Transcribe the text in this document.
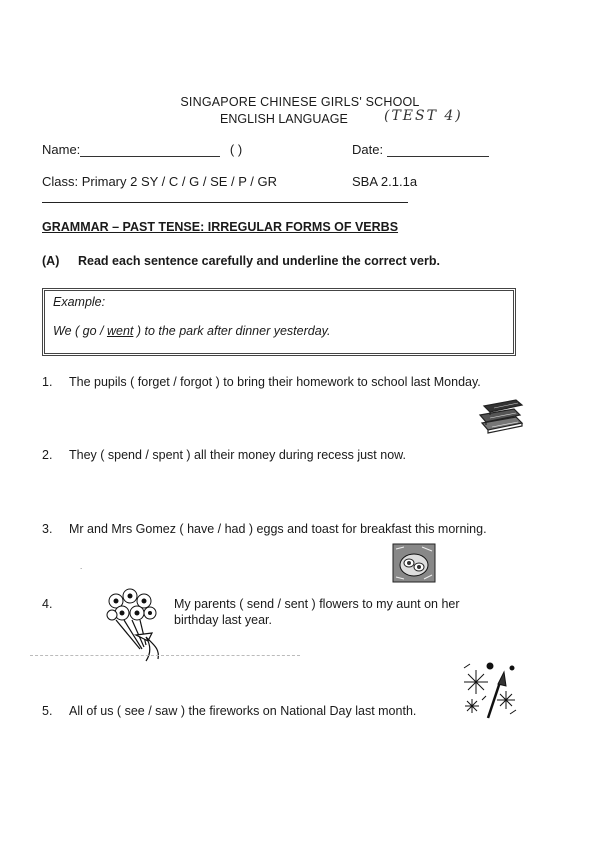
SINGAPORE CHINESE GIRLS' SCHOOL
ENGLISH LANGUAGE	(TEST 4)
Name:	( )	Date:
Class: Primary 2 SY / C / G / SE / P / GR	SBA 2.1.1a
GRAMMAR – PAST TENSE: IRREGULAR FORMS OF VERBS
(A) Read each sentence carefully and underline the correct verb.
Example:
We ( go / went ) to the park after dinner yesterday.
1. The pupils ( forget / forgot ) to bring their homework to school last Monday.
2. They ( spend / spent ) all their money during recess just now.
3. Mr and Mrs Gomez ( have / had ) eggs and toast for breakfast this morning.
.
4.	My parents ( send / sent ) flowers to my aunt on her
birthday last year.
5. All of us ( see / saw ) the fireworks on National Day last month.
